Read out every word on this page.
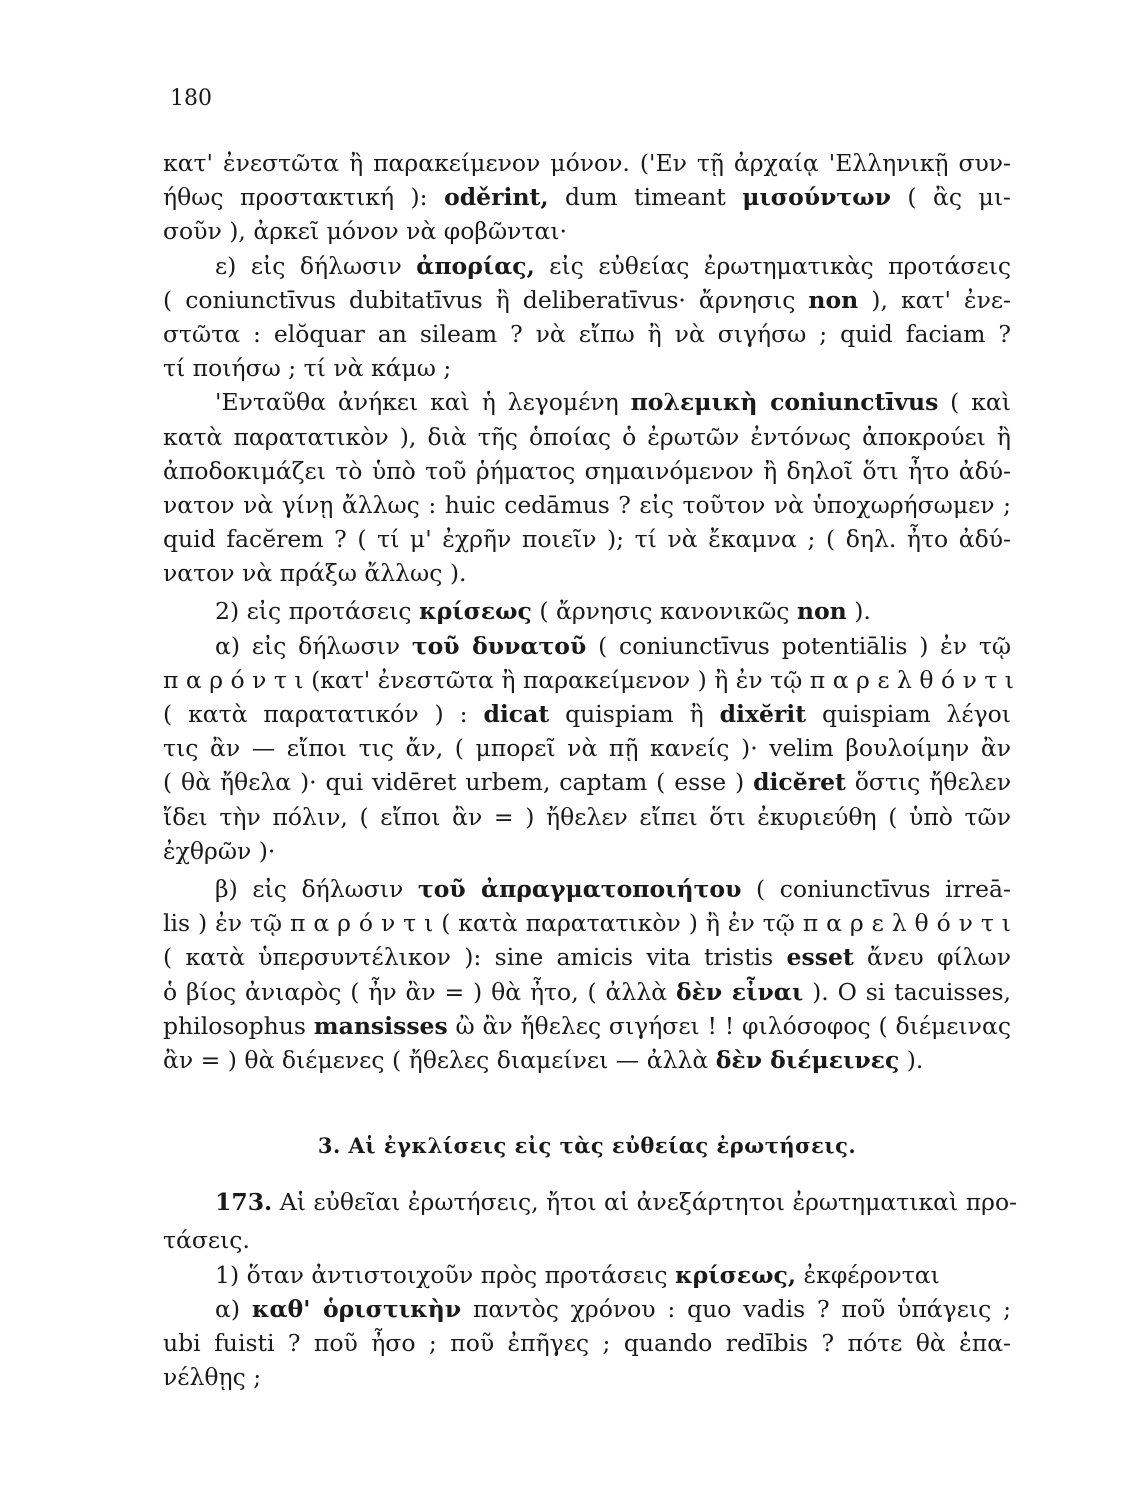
180
κατ' ἐνεστῶτα ἢ παρακείμενον μόνον. ('Εν τῇ ἀρχαίᾳ 'Ελληνικῇ συν-
ήθως προστακτική ): oděrint, dum timeant μισούντων ( ἂς μι-
σοῦν ), ἀρκεῖ μόνον νὰ φοβῶνται·
ε) εἰς δήλωσιν ἀπορίας, εἰς εὐθείας ἐρωτηματικὰς προτάσεις
( coniunctīvus dubitatīvus ἢ deliberatīvus· ἄρνησις non ), κατ' ἐνε-
στῶτα : elŏquar an sileam ? νὰ εἴπω ἢ νὰ σιγήσω ; quid faciam ?
τί ποιήσω ; τί νὰ κάμω ;
'Ενταῦθα ἀνήκει καὶ ἡ λεγομένη πολεμικὴ coniunctīvus ( καὶ
κατὰ παρατατικὸν ), διὰ τῆς ὁποίας ὁ ἐρωτῶν ἐντόνως ἀποκρούει ἢ
ἀποδοκιμάζει τὸ ὑπὸ τοῦ ῥήματος σημαινόμενον ἢ δηλοῖ ὅτι ἦτο ἀδύ-
νατον νὰ γίνῃ ἄλλως : huic cedāmus ? εἰς τοῦτον νὰ ὑποχωρήσωμεν ;
quid facĕrem ? ( τί μ' ἐχρῆν ποιεῖν ); τί νὰ ἔκαμνα ; ( δηλ. ἦτο ἀδύ-
νατον νὰ πράξω ἄλλως ).
2) εἰς προτάσεις κρίσεως ( ἄρνησις κανονικῶς non ).
α) εἰς δήλωσιν τοῦ δυνατοῦ ( coniunctīvus potentiālis ) ἐν τῷ
π α ρ ό ν τ ι (κατ' ἐνεστῶτα ἢ παρακείμενον ) ἢ ἐν τῷ π α ρ ε λ θ ό ν τ ι
( κατὰ παρατατικόν ) : dicat quispiam ἢ dixĕrit quispiam λέγοι
τις ἂν — εἴποι τις ἄν, ( μπορεῖ νὰ πῇ κανείς )· velim βουλοίμην ἂν
( θὰ ἤθελα )· qui vidēret urbem, captam ( esse ) dicĕret ὅστις ἤθελεν
ἴδει τὴν πόλιν, ( εἴποι ἂν = ) ἤθελεν εἴπει ὅτι ἐκυριεύθη ( ὑπὸ τῶν
ἐχθρῶν )·
β) εἰς δήλωσιν τοῦ ἀπραγματοποιήτου ( coniunctīvus irreā-
lis ) ἐν τῷ π α ρ ό ν τ ι ( κατὰ παρατατικὸν ) ἢ ἐν τῷ π α ρ ε λ θ ό ν τ ι
( κατὰ ὑπερσυντέλικον ): sine amicis vita tristis esset ἄνευ φίλων
ὁ βίος ἀνιαρὸς ( ἦν ἂν = ) θὰ ἦτο, ( ἀλλὰ δὲν εἶναι ). O si tacuisses,
philosophus mansisses ὢ ἂν ἤθελες σιγήσει ! ! φιλόσοφος ( διέμεινας
ἂν = ) θὰ διέμενες ( ἤθελες διαμείνει — ἀλλὰ δὲν διέμεινες ).
3. Αἱ ἐγκλίσεις εἰς τὰς εὐθείας ἐρωτήσεις.
173. Αἱ εὐθεῖαι ἐρωτήσεις, ἤτοι αἱ ἀνεξάρτητοι ἐρωτηματικαὶ προ-
τάσεις.
1) ὅταν ἀντιστοιχοῦν πρὸς προτάσεις κρίσεως, ἐκφέρονται
α) καθ' ὁριστικὴν παντὸς χρόνου : quo vadis ? ποῦ ὑπάγεις ;
ubi fuisti ? ποῦ ἦσο ; ποῦ ἐπῆγες ; quando redībis ? πότε θὰ ἐπα-
νέλθῃς ;
